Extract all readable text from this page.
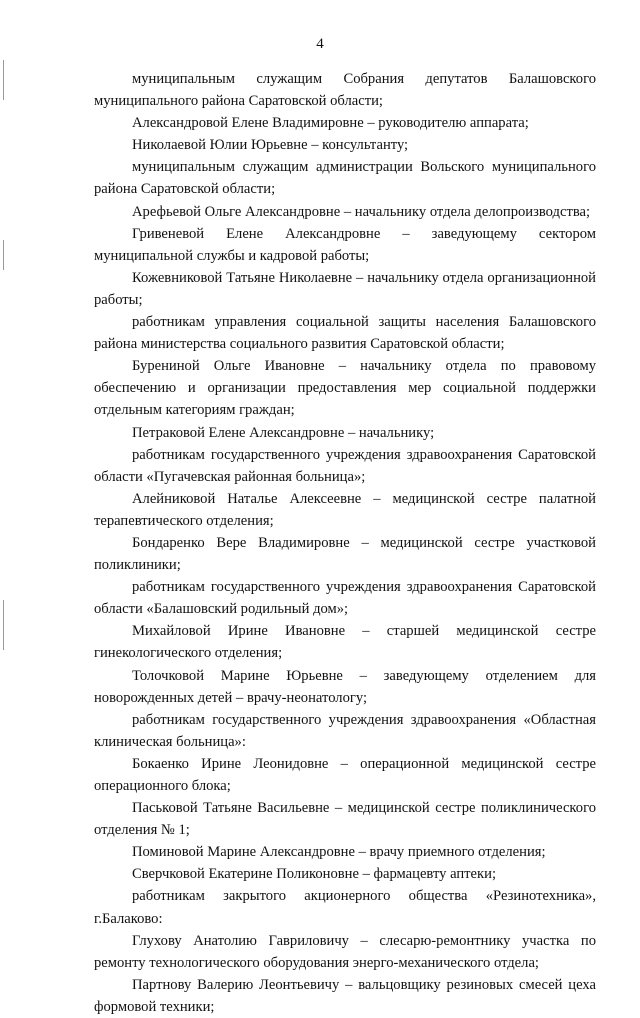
4

муниципальным служащим Собрания депутатов Балашовского муниципального района Саратовской области;

Александровой Елене Владимировне – руководителю аппарата;

Николаевой Юлии Юрьевне – консультанту;

муниципальным служащим администрации Вольского муниципального района Саратовской области;

Арефьевой Ольге Александровне – начальнику отдела делопроизводства;

Гривеневой Елене Александровне – заведующему сектором муниципальной службы и кадровой работы;

Кожевниковой Татьяне Николаевне – начальнику отдела организационной работы;

работникам управления социальной защиты населения Балашовского района министерства социального развития Саратовской области;

Бурениной Ольге Ивановне – начальнику отдела по правовому обеспечению и организации предоставления мер социальной поддержки отдельным категориям граждан;

Петраковой Елене Александровне – начальнику;

работникам государственного учреждения здравоохранения Саратовской области «Пугачевская районная больница»;

Алейниковой Наталье Алексеевне – медицинской сестре палатной терапевтического отделения;

Бондаренко Вере Владимировне – медицинской сестре участковой поликлиники;

работникам государственного учреждения здравоохранения Саратовской области «Балашовский родильный дом»;

Михайловой Ирине Ивановне – старшей медицинской сестре гинекологического отделения;

Толочковой Марине Юрьевне – заведующему отделением для новорожденных детей – врачу-неонатологу;

работникам государственного учреждения здравоохранения «Областная клиническая больница»:

Бокаенко Ирине Леонидовне – операционной медицинской сестре операционного блока;

Паськовой Татьяне Васильевне – медицинской сестре поликлинического отделения № 1;

Поминовой Марине Александровне – врачу приемного отделения;

Сверчковой Екатерине Поликоновне – фармацевту аптеки;

работникам закрытого акционерного общества «Резинотехника», г.Балаково:

Глухову Анатолию Гавриловичу – слесарю-ремонтнику участка по ремонту технологического оборудования энерго-механического отдела;

Партнову Валерию Леонтьевичу – вальцовщику резиновых смесей цеха формовой техники;
